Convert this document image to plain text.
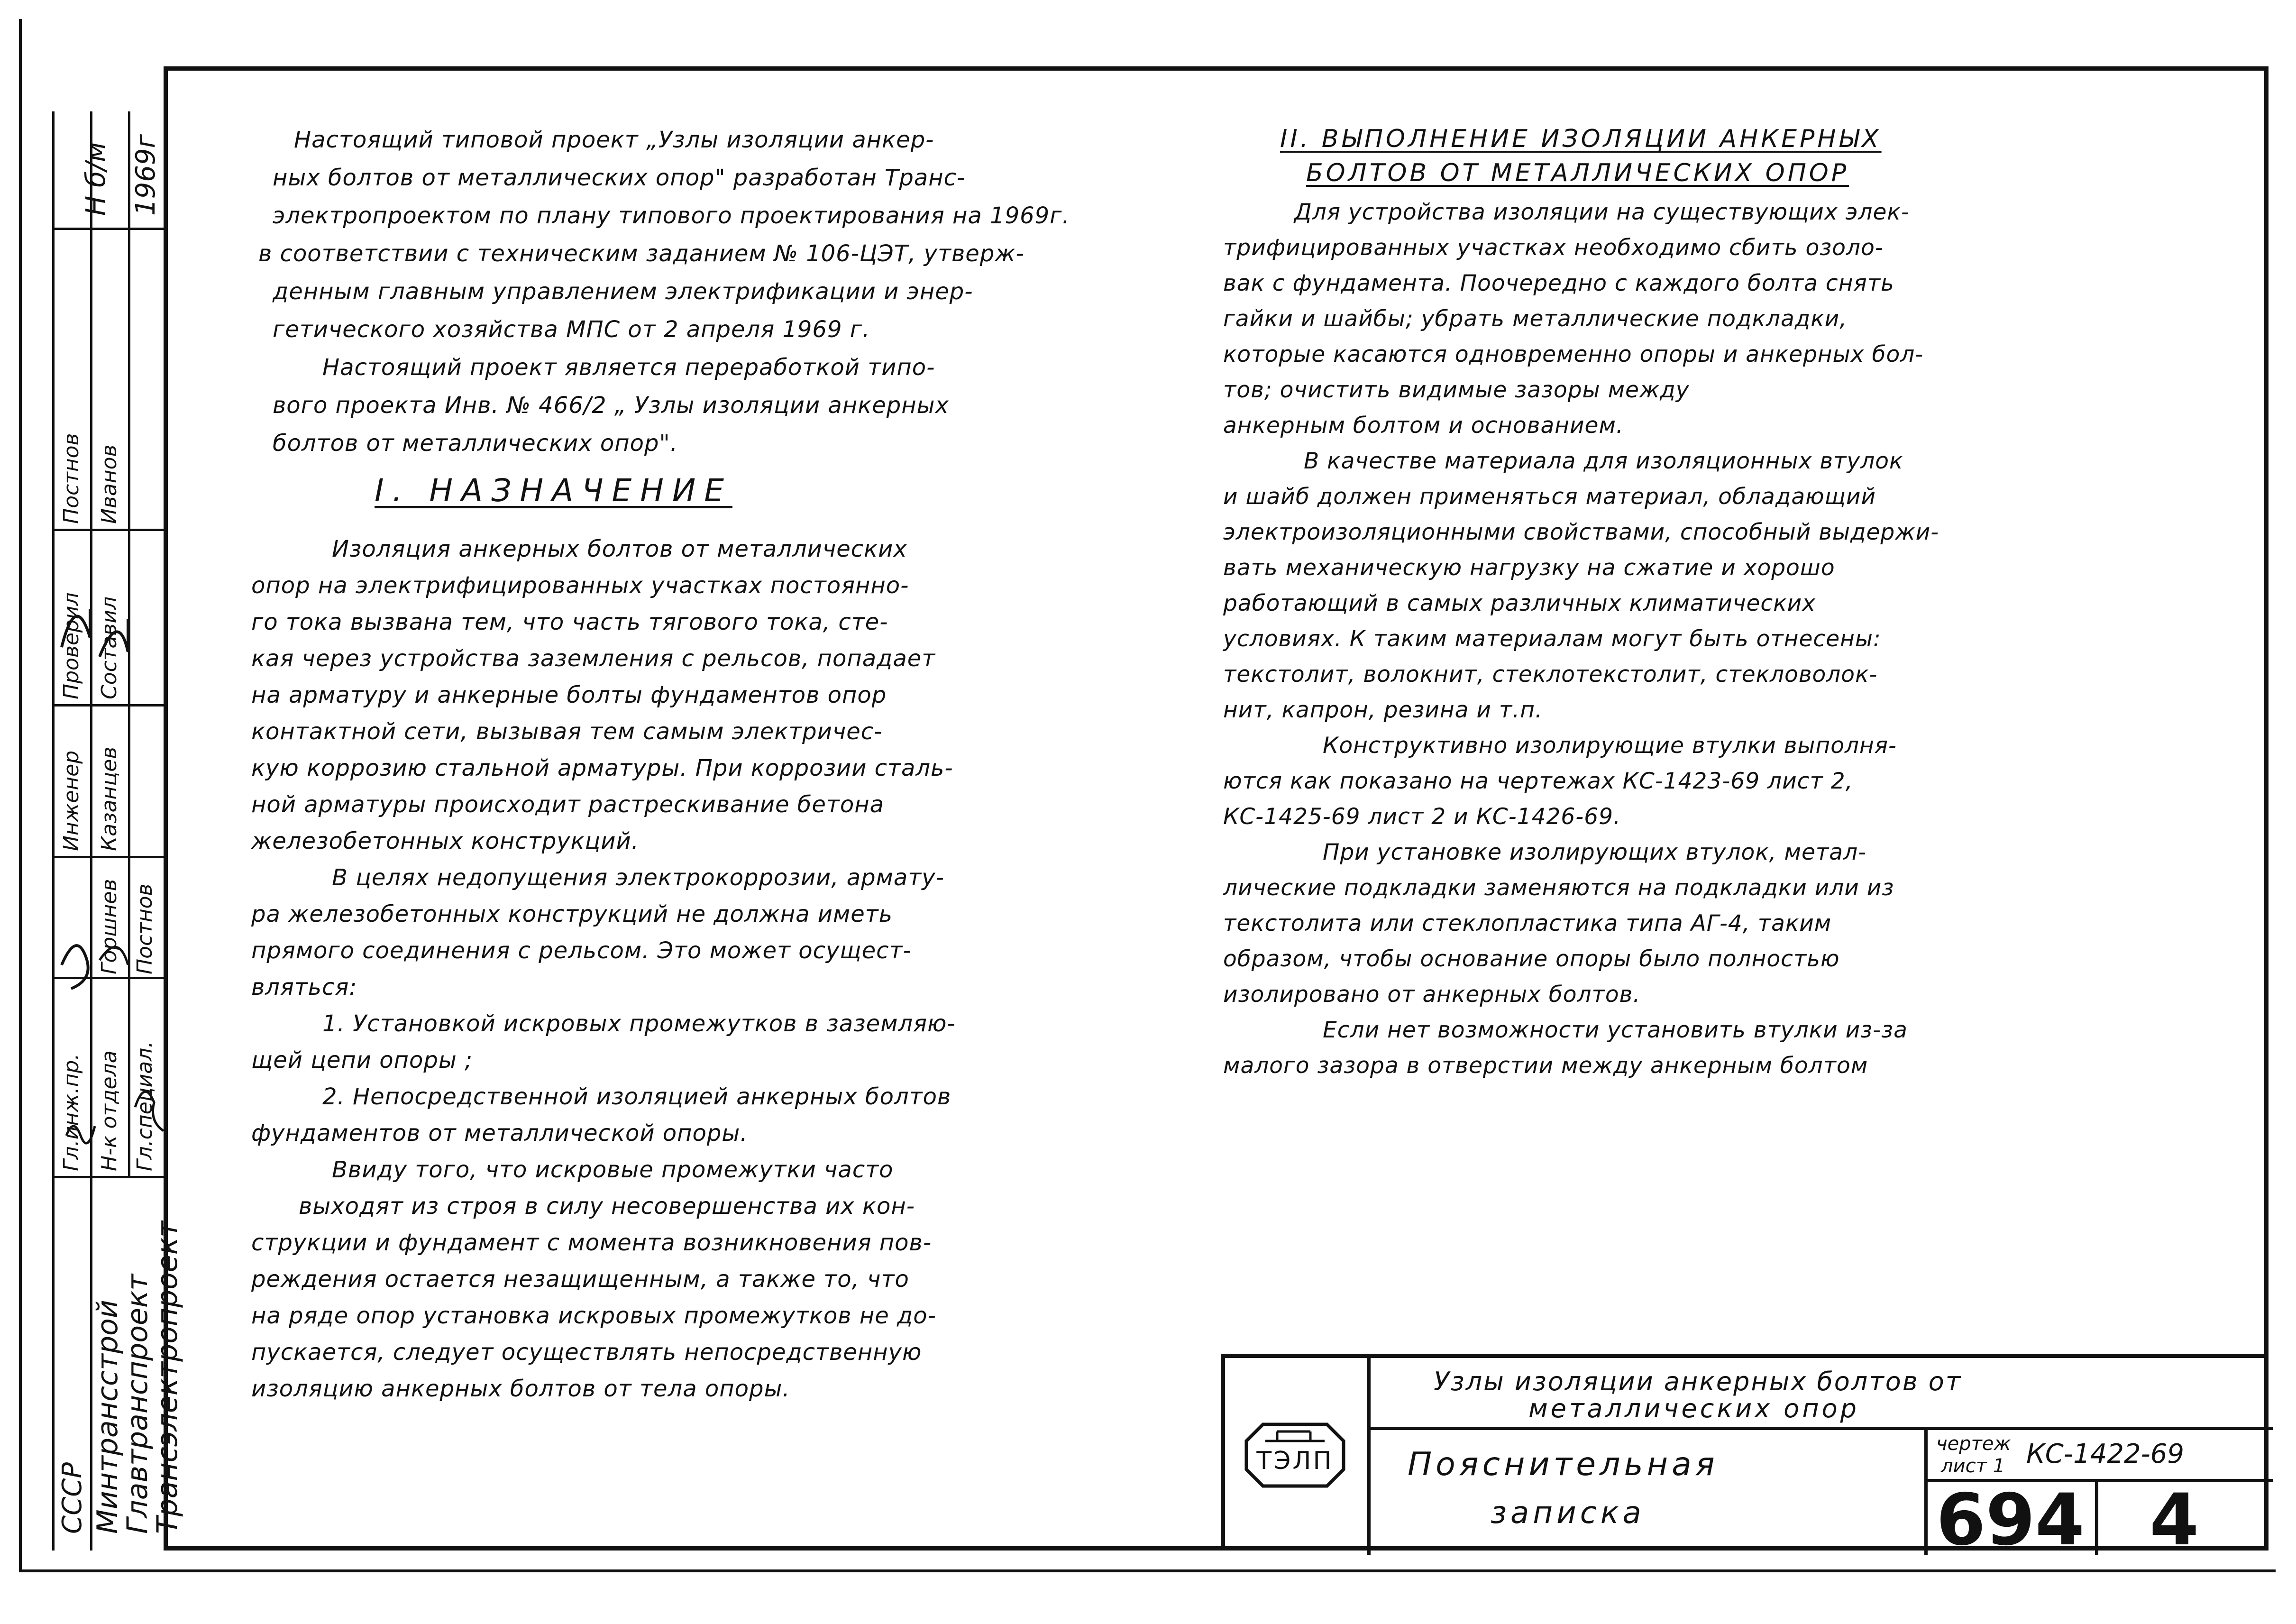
СССР Минтрансстрой
Главтранспроект
Трансэлектропроект
Гл.инж.пр. Н-к отдела Гл.специал.
Инженер Казанцев
Проверил Составил
Постнов Иванов
Горшнев Постнов
Н б/м 1969г	Настоящий типовой проект „Узлы изоляции анкер-

ных болтов от металлических опор" разработан Транс-

электропроектом по плану типового проектирования на 1969г.

в соответствии с техническим заданием № 106-ЦЭТ, утверж-

денным главным управлением электрификации и энер-

гетического хозяйства МПС от 2 апреля 1969 г.

Настоящий проект является переработкой типо-

вого проекта Инв. № 466/2 „ Узлы изоляции анкерных

болтов от металлических опор".

I. НАЗНАЧЕНИЕ

Изоляция анкерных болтов от металлических

опор на электрифицированных участках постоянно-

го тока вызвана тем, что часть тягового тока, сте-

кая через устройства заземления с рельсов, попадает

на арматуру и анкерные болты фундаментов опор

контактной сети, вызывая тем самым электричес-

кую коррозию стальной арматуры. При коррозии сталь-

ной арматуры происходит растрескивание бетона

железобетонных конструкций.

В целях недопущения электрокоррозии, армату-

ра железобетонных конструкций не должна иметь

прямого соединения с рельсом. Это может осущест-

вляться:

1. Установкой искровых промежутков в заземляю-

щей цепи опоры ;

2. Непосредственной изоляцией анкерных болтов

фундаментов от металлической опоры.

Ввиду того, что искровые промежутки часто

выходят из строя в силу несовершенства их кон-

струкции и фундамент с момента возникновения пов-

реждения остается незащищенным, а также то, что

на ряде опор установка искровых промежутков не до-

пускается, следует осуществлять непосредственную

изоляцию анкерных болтов от тела опоры.

II. ВЫПОЛНЕНИЕ ИЗОЛЯЦИИ АНКЕРНЫХ
БОЛТОВ ОТ МЕТАЛЛИЧЕСКИХ ОПОР

Для устройства изоляции на существующих элек-

трифицированных участках необходимо сбить озоло-

вак с фундамента. Поочередно с каждого болта снять

гайки и шайбы; убрать металлические подкладки,

которые касаются одновременно опоры и анкерных бол-

тов; очистить видимые зазоры между

анкерным болтом и основанием.

В качестве материала для изоляционных втулок

и шайб должен применяться материал, обладающий

электроизоляционными свойствами, способный выдержи-

вать механическую нагрузку на сжатие и хорошо

работающий в самых различных климатических

условиях. К таким материалам могут быть отнесены:

текстолит, волокнит, стеклотекстолит, стекловолок-

нит, капрон, резина и т.п.

Конструктивно изолирующие втулки выполня-

ются как показано на чертежах КС-1423-69 лист 2,

КС-1425-69 лист 2 и КС-1426-69.

При установке изолирующих втулок, метал-

лические подкладки заменяются на подкладки или из

текстолита или стеклопластика типа АГ-4, таким

образом, чтобы основание опоры было полностью

изолировано от анкерных болтов.

Если нет возможности установить втулки из-за

малого зазора в отверстии между анкерным болтом

ТЭЛП
Узлы изоляции анкерных болтов от
металлических опор
Пояснительная
записка
чертеж
лист 1 КС-1422-69
694 4
